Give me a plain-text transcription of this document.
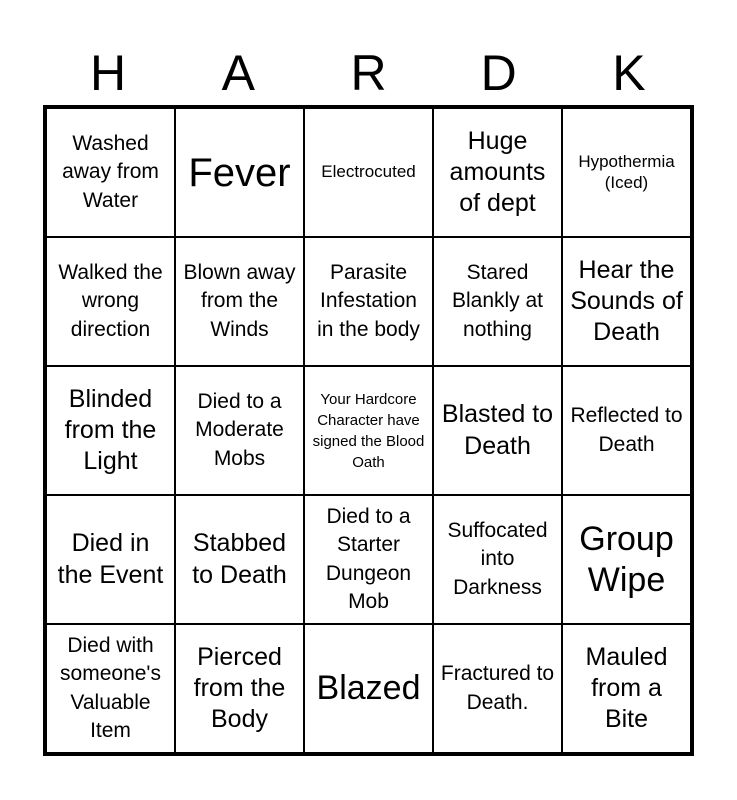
H	A	R	D	K
Washed away from Water
Fever	Electrocuted
Huge amounts of dept
Hypothermia (Iced)
Walked the wrong direction
Blown away from the Winds
Parasite Infestation in the body
Stared Blankly at nothing
Hear the Sounds of Death
Blinded from the Light
Died to a Moderate Mobs
Your Hardcore Character have signed the Blood Oath
Blasted to Death
Reflected to Death
Died in the Event
Stabbed to Death
Died to a Starter Dungeon Mob
Suffocated into Darkness
Group Wipe
Died with someone's Valuable Item
Pierced from the Body
Blazed Fractured to Death.
Mauled from a Bite
